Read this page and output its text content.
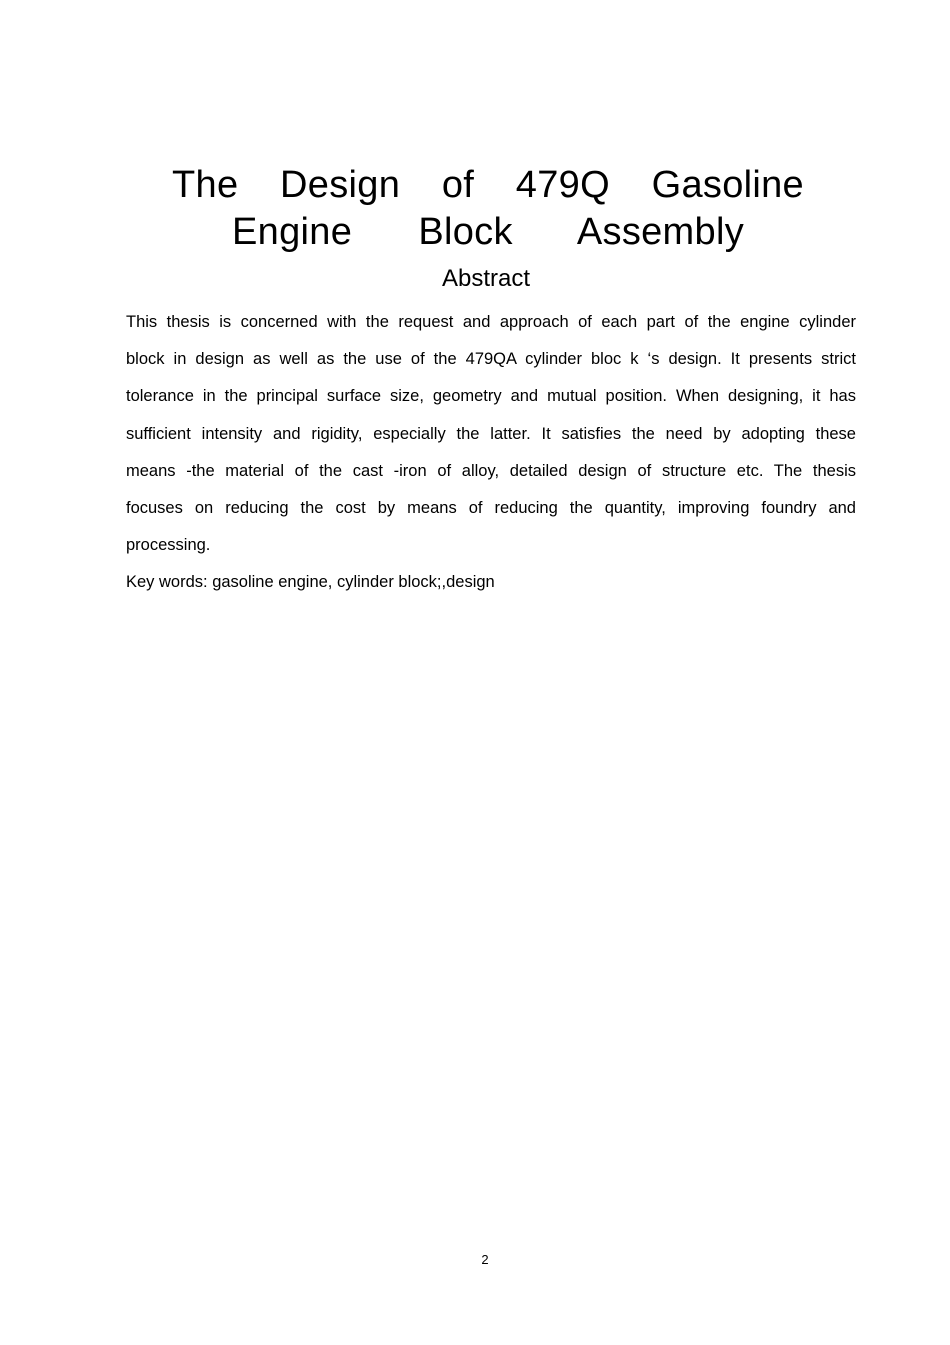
The Design of 479Q Gasoline
Engine Block Assembly
Abstract
This thesis is concerned with the request and approach of each part of the engine cylinder
block in design as well as the use of the 479QA cylinder bloc k ‘s design. It presents strict
tolerance in the principal surface size, geometry and mutual position. When designing, it has
sufficient intensity and rigidity, especially the latter. It satisfies the need by adopting these
means -the material of the cast -iron of alloy, detailed design of structure etc. The thesis
focuses on reducing the cost by means of reducing the quantity, improving foundry and
processing.
Key words: gasoline engine, cylinder block;,design
2
